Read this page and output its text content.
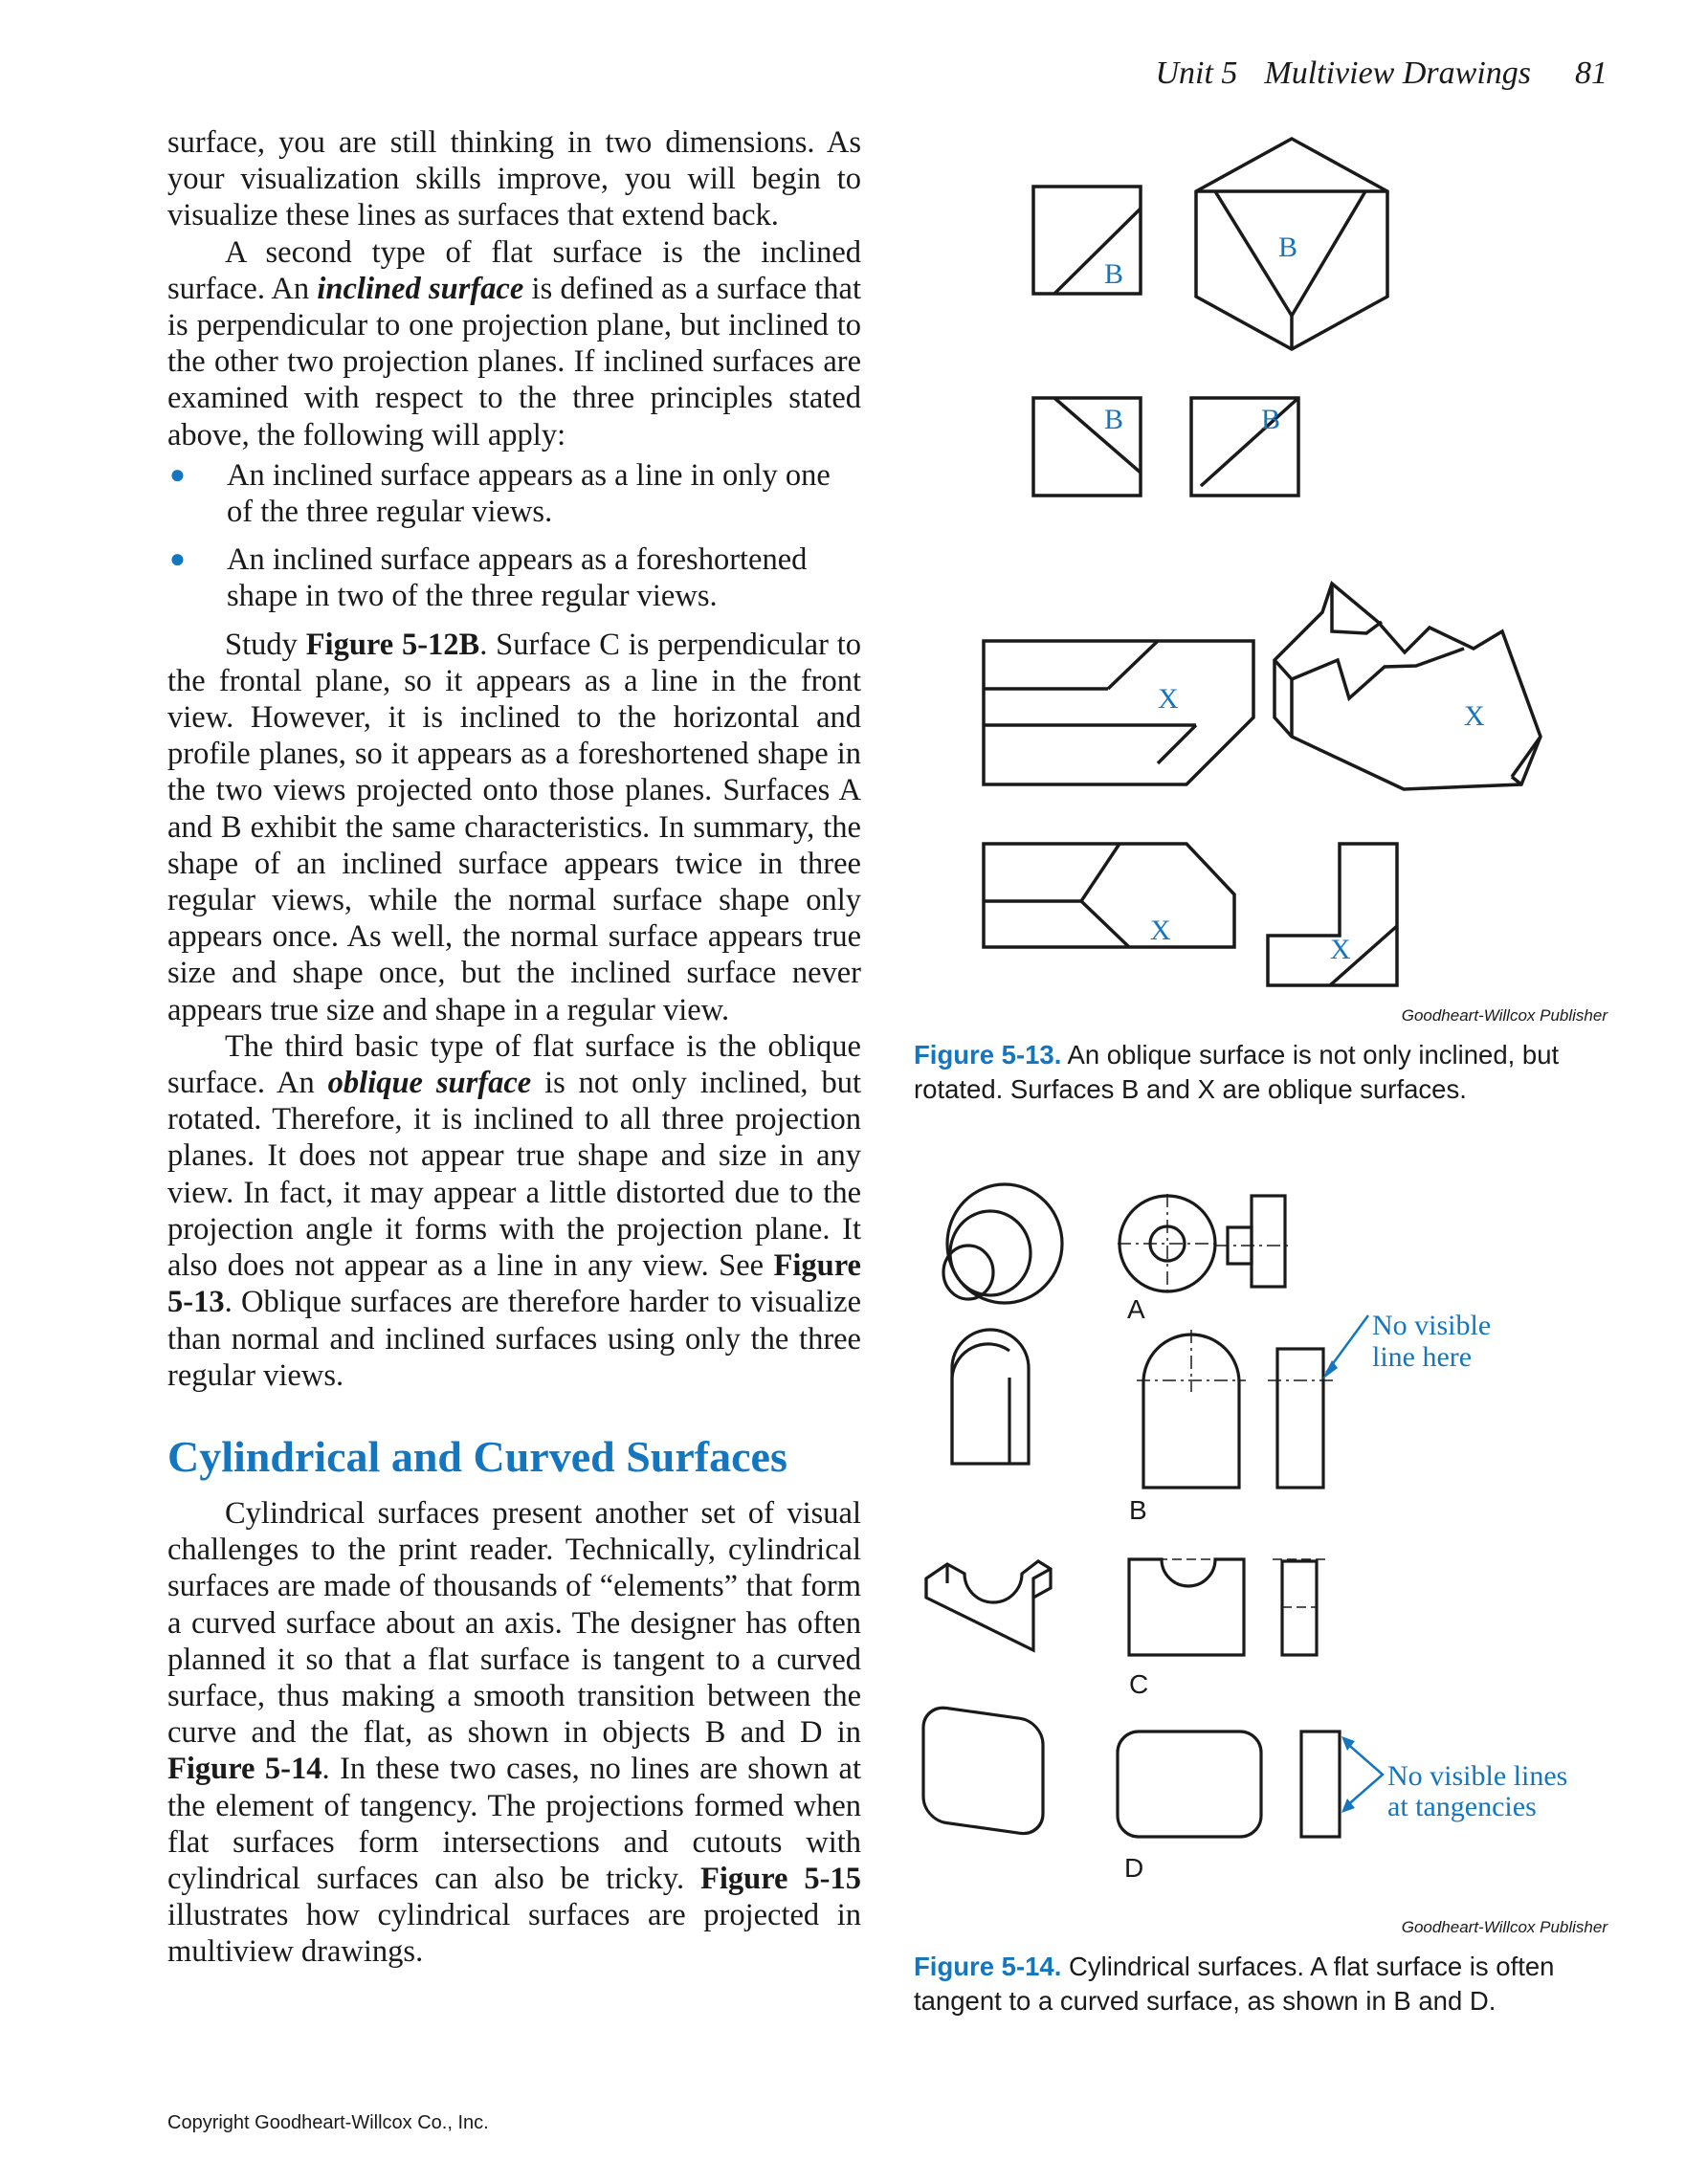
Unit 5 Multiview Drawings 81

surface, you are still thinking in two dimensions. As your visualization skills improve, you will begin to visualize these lines as surfaces that extend back.

A second type of flat surface is the inclined surface. An inclined surface is defined as a surface that is perpendicular to one projection plane, but inclined to the other two projection planes. If inclined surfaces are examined with respect to the three principles stated above, the following will apply:

● An inclined surface appears as a line in only one of the three regular views.
● An inclined surface appears as a foreshortened shape in two of the three regular views.

Study Figure 5-12B. Surface C is perpendicular to the frontal plane, so it appears as a line in the front view. However, it is inclined to the horizontal and profile planes, so it appears as a foreshortened shape in the two views projected onto those planes. Surfaces A and B exhibit the same characteristics. In summary, the shape of an inclined surface appears twice in three regular views, while the normal surface shape only appears once. As well, the normal surface appears true size and shape once, but the inclined surface never appears true size and shape in a regular view.

The third basic type of flat surface is the oblique surface. An oblique surface is not only inclined, but rotated. Therefore, it is inclined to all three projection planes. It does not appear true shape and size in any view. In fact, it may appear a little distorted due to the projection angle it forms with the projection plane. It also does not appear as a line in any view. See Figure 5-13. Oblique surfaces are therefore harder to visualize than normal and inclined surfaces using only the three regular views.

Cylindrical and Curved Surfaces

Cylindrical surfaces present another set of visual challenges to the print reader. Technically, cylindrical surfaces are made of thousands of “elements” that form a curved surface about an axis. The designer has often planned it so that a flat surface is tangent to a curved surface, thus making a smooth transition between the curve and the flat, as shown in objects B and D in Figure 5-14. In these two cases, no lines are shown at the element of tangency. The projections formed when flat surfaces form intersections and cutouts with cylindrical surfaces can also be tricky. Figure 5-15 illustrates how cylindrical surfaces are projected in multiview drawings.

B
B
B	B
X
X
X
X
Goodheart-Willcox Publisher
Figure 5-13. An oblique surface is not only inclined, but rotated. Surfaces B and X are oblique surfaces.
A
B
No visible
line here
C
D
No visible lines
at tangencies
Goodheart-Willcox Publisher
Figure 5-14. Cylindrical surfaces. A flat surface is often tangent to a curved surface, as shown in B and D.
Copyright Goodheart-Willcox Co., Inc.
